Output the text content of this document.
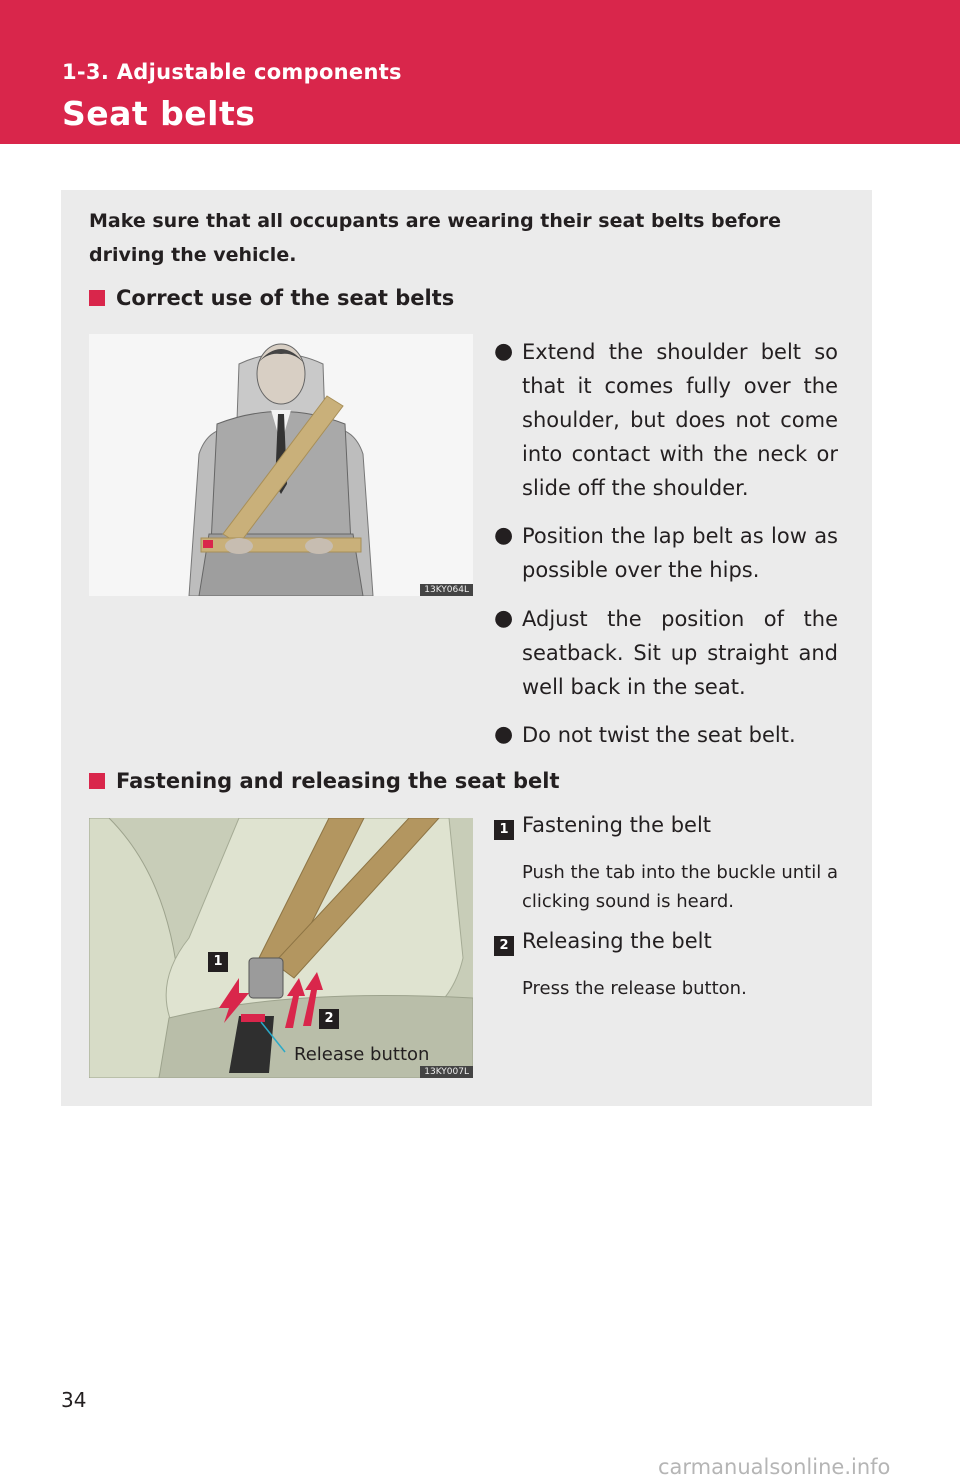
1-3. Adjustable components
Seat belts
Make sure that all occupants are wearing their seat belts before driving the vehicle.
Correct use of the seat belts
13KY064L
● Extend the shoulder belt so that it comes fully over the shoulder, but does not come into contact with the neck or slide off the shoulder.
● Position the lap belt as low as possible over the hips.
● Adjust the position of the seatback. Sit up straight and well back in the seat.
● Do not twist the seat belt.
Fastening and releasing the seat belt
1
2
Release button
13KY007L
1 Fastening the belt
Push the tab into the buckle until a clicking sound is heard.
2 Releasing the belt
Press the release button.
34
carmanualsonline.info
